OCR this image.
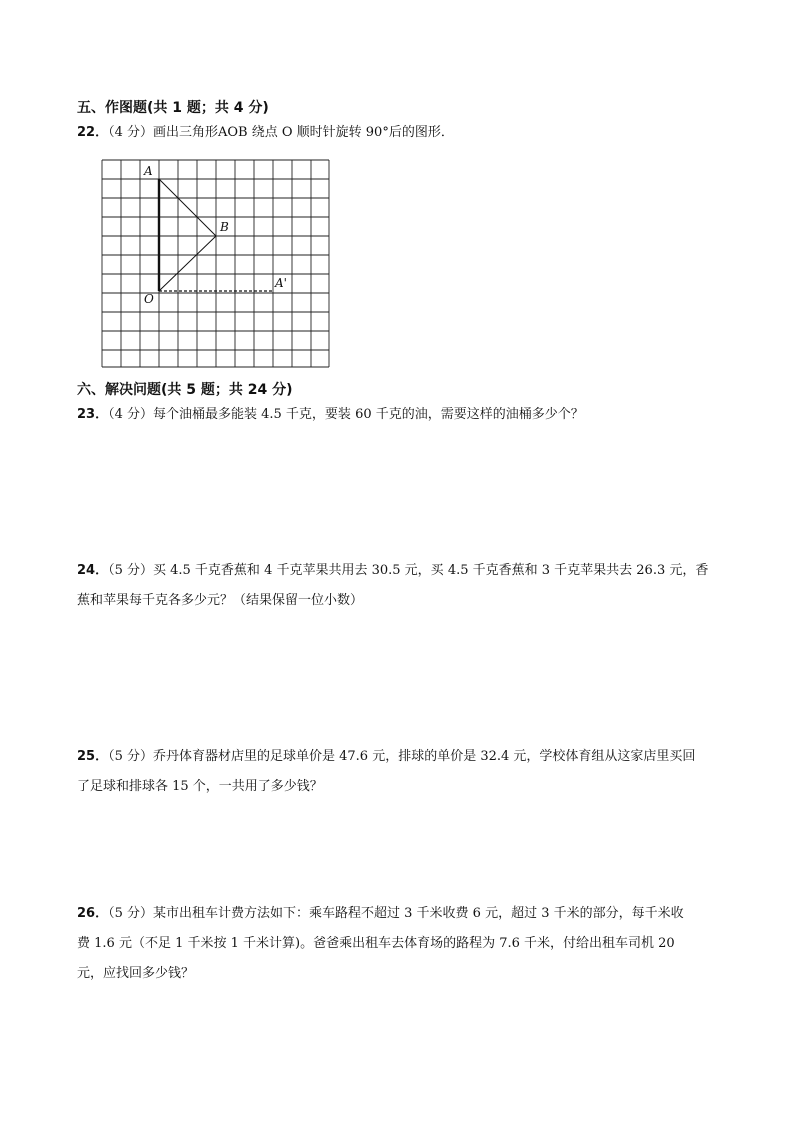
五、作图题(共 1 题；共 4 分)
22．（4 分）画出三角形AOB 绕点 O 顺时针旋转 90°后的图形．
A
B
O
A'
六、解决问题(共 5 题；共 24 分)
23．（4 分）每个油桶最多能装 4.5 千克，要装 60 千克的油，需要这样的油桶多少个？
24．（5 分）买 4.5 千克香蕉和 4 千克苹果共用去 30.5 元，买 4.5 千克香蕉和 3 千克苹果共去 26.3 元，香
蕉和苹果每千克各多少元？（结果保留一位小数）
25．（5 分）乔丹体育器材店里的足球单价是 47.6 元，排球的单价是 32.4 元，学校体育组从这家店里买回
了足球和排球各 15 个，一共用了多少钱？
26．（5 分）某市出租车计费方法如下：乘车路程不超过 3 千米收费 6 元，超过 3 千米的部分，每千米收
费 1.6 元（不足 1 千米按 1 千米计算)。爸爸乘出租车去体育场的路程为 7.6 千米，付给出租车司机 20
元，应找回多少钱？
